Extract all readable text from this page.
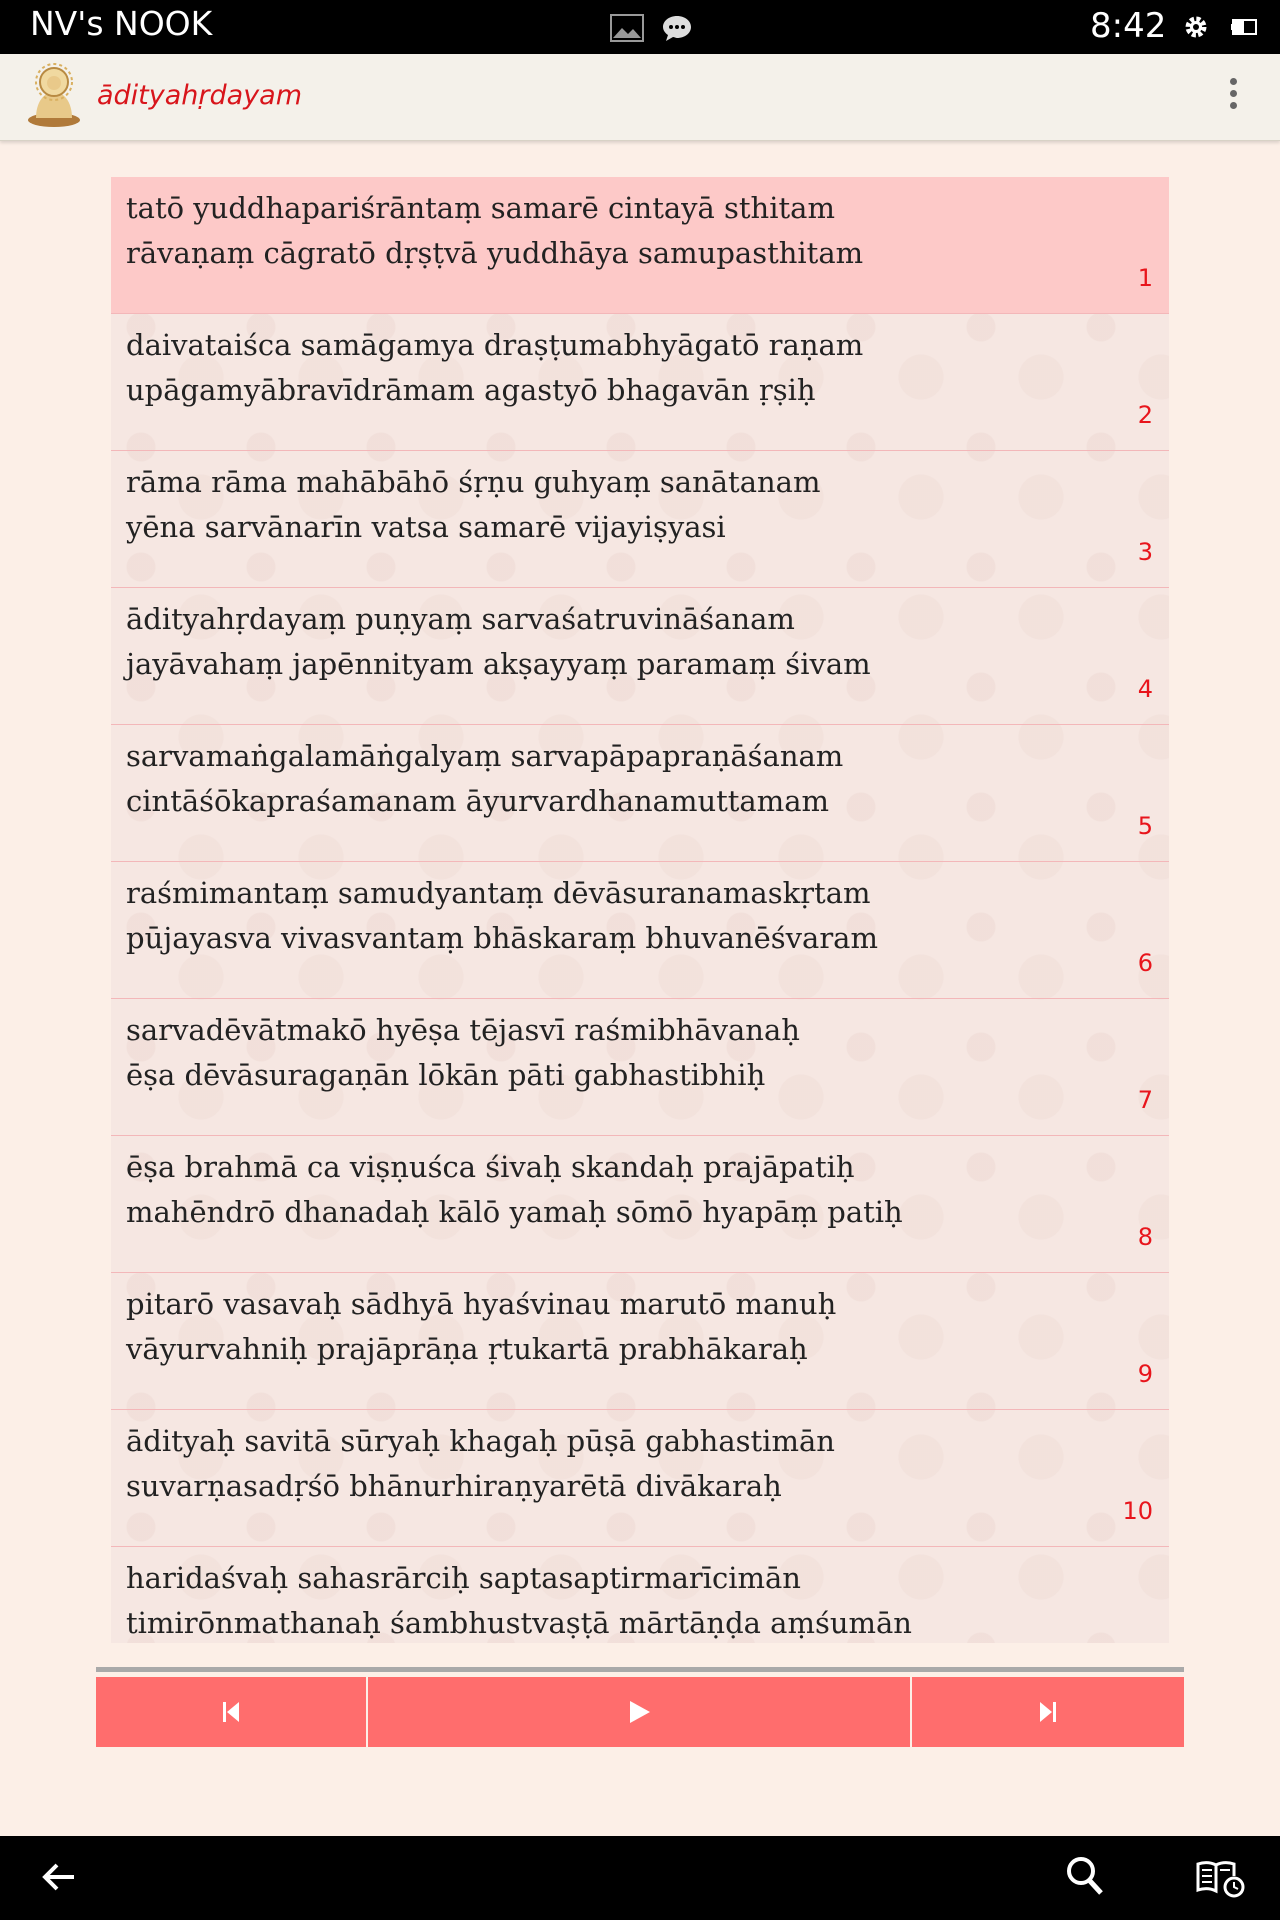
NV's NOOK	8:42
ādityahṛdayam
tatō yuddhapariśrāntaṃ samarē cintayā sthitam
rāvaṇaṃ cāgratō dṛṣṭvā yuddhāya samupasthitam
1
daivataiśca samāgamya draṣṭumabhyāgatō raṇam
upāgamyābravīdrāmam agastyō bhagavān ṛṣiḥ
2
rāma rāma mahābāhō śṛṇu guhyaṃ sanātanam
yēna sarvānarīn vatsa samarē vijayiṣyasi
3
ādityahṛdayaṃ puṇyaṃ sarvaśatruvināśanam
jayāvahaṃ japēnnityam akṣayyaṃ paramaṃ śivam
4
sarvamaṅgalamāṅgalyaṃ sarvapāpapraṇāśanam
cintāśōkapraśamanam āyurvardhanamuttamam
5
raśmimantaṃ samudyantaṃ dēvāsuranamaskṛtam
pūjayasva vivasvantaṃ bhāskaraṃ bhuvanēśvaram
6
sarvadēvātmakō hyēṣa tējasvī raśmibhāvanaḥ
ēṣa dēvāsuragaṇān lōkān pāti gabhastibhiḥ
7
ēṣa brahmā ca viṣṇuśca śivaḥ skandaḥ prajāpatiḥ
mahēndrō dhanadaḥ kālō yamaḥ sōmō hyapāṃ patiḥ
8
pitarō vasavaḥ sādhyā hyaśvinau marutō manuḥ
vāyurvahniḥ prajāprāṇa ṛtukartā prabhākaraḥ
9
ādityaḥ savitā sūryaḥ khagaḥ pūṣā gabhastimān
suvarṇasadṛśō bhānurhiraṇyarētā divākaraḥ
10
haridaśvaḥ sahasrārciḥ saptasaptirmarīcimān
timirōnmathanaḥ śambhustvaṣṭā mārtāṇḍa aṃśumān
